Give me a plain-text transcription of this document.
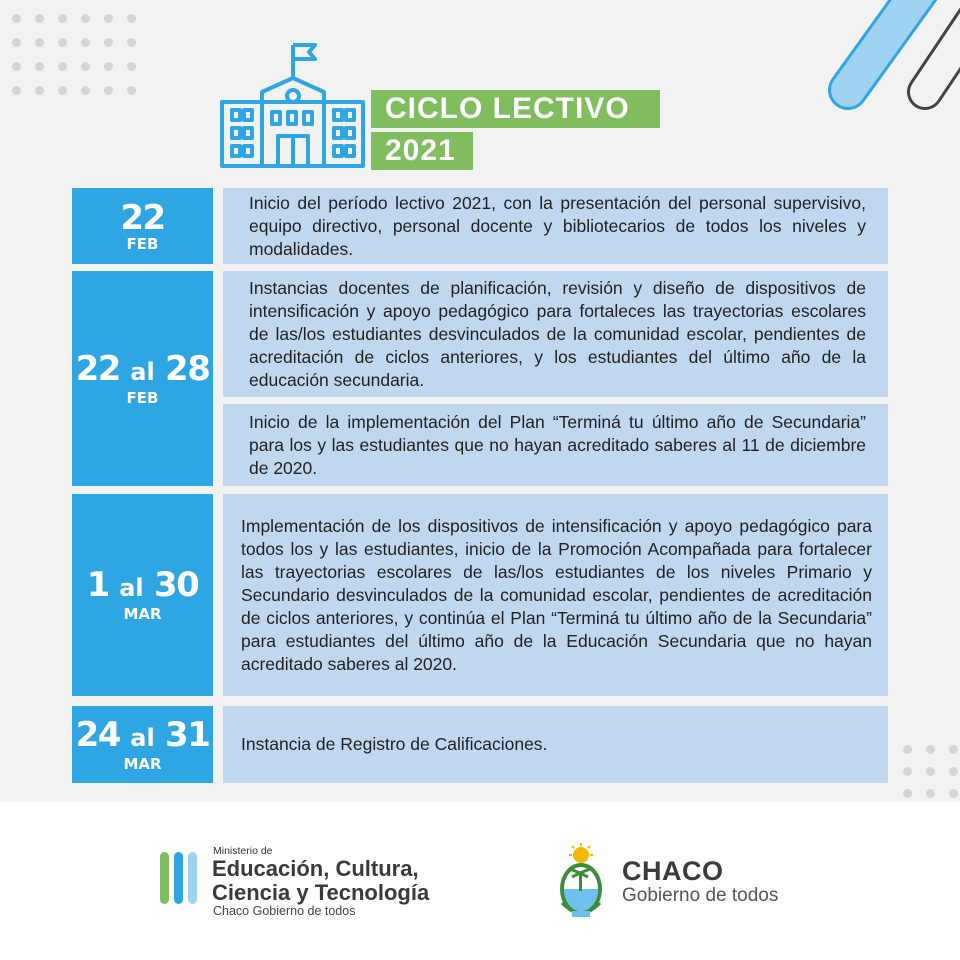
CICLO LECTIVO
2021
22
FEB
Inicio del período lectivo 2021, con la presentación del personal supervisivo, equipo directivo, personal docente y bibliotecarios de todos los niveles y modalidades.
22 al 28
FEB
Instancias docentes de planificación, revisión y diseño de dispositivos de intensificación y apoyo pedagógico para fortaleces las trayectorias escolares de las/los estudiantes desvinculados de la comunidad escolar, pendientes de acreditación de ciclos anteriores, y los estudiantes del último año de la educación secundaria.
Inicio de la implementación del Plan “Terminá tu último año de Secundaria” para los y las estudiantes que no hayan acreditado saberes al 11 de diciembre de 2020.
1 al 30
MAR
Implementación de los dispositivos de intensificación y apoyo pedagógico para todos los y las estudiantes, inicio de la Promoción Acompañada para fortalecer las trayectorias escolares de las/los estudiantes de los niveles Primario y Secundario desvinculados de la comunidad escolar, pendientes de acreditación de ciclos anteriores, y continúa el Plan “Terminá tu último año de la Secundaria” para estudiantes del último año de la Educación Secundaria que no hayan acreditado saberes al 2020.
24 al 31
MAR
Instancia de Registro de Calificaciones.
Ministerio de
Educación, Cultura,
Ciencia y Tecnología
Chaco Gobierno de todos
CHACO
Gobierno de todos
